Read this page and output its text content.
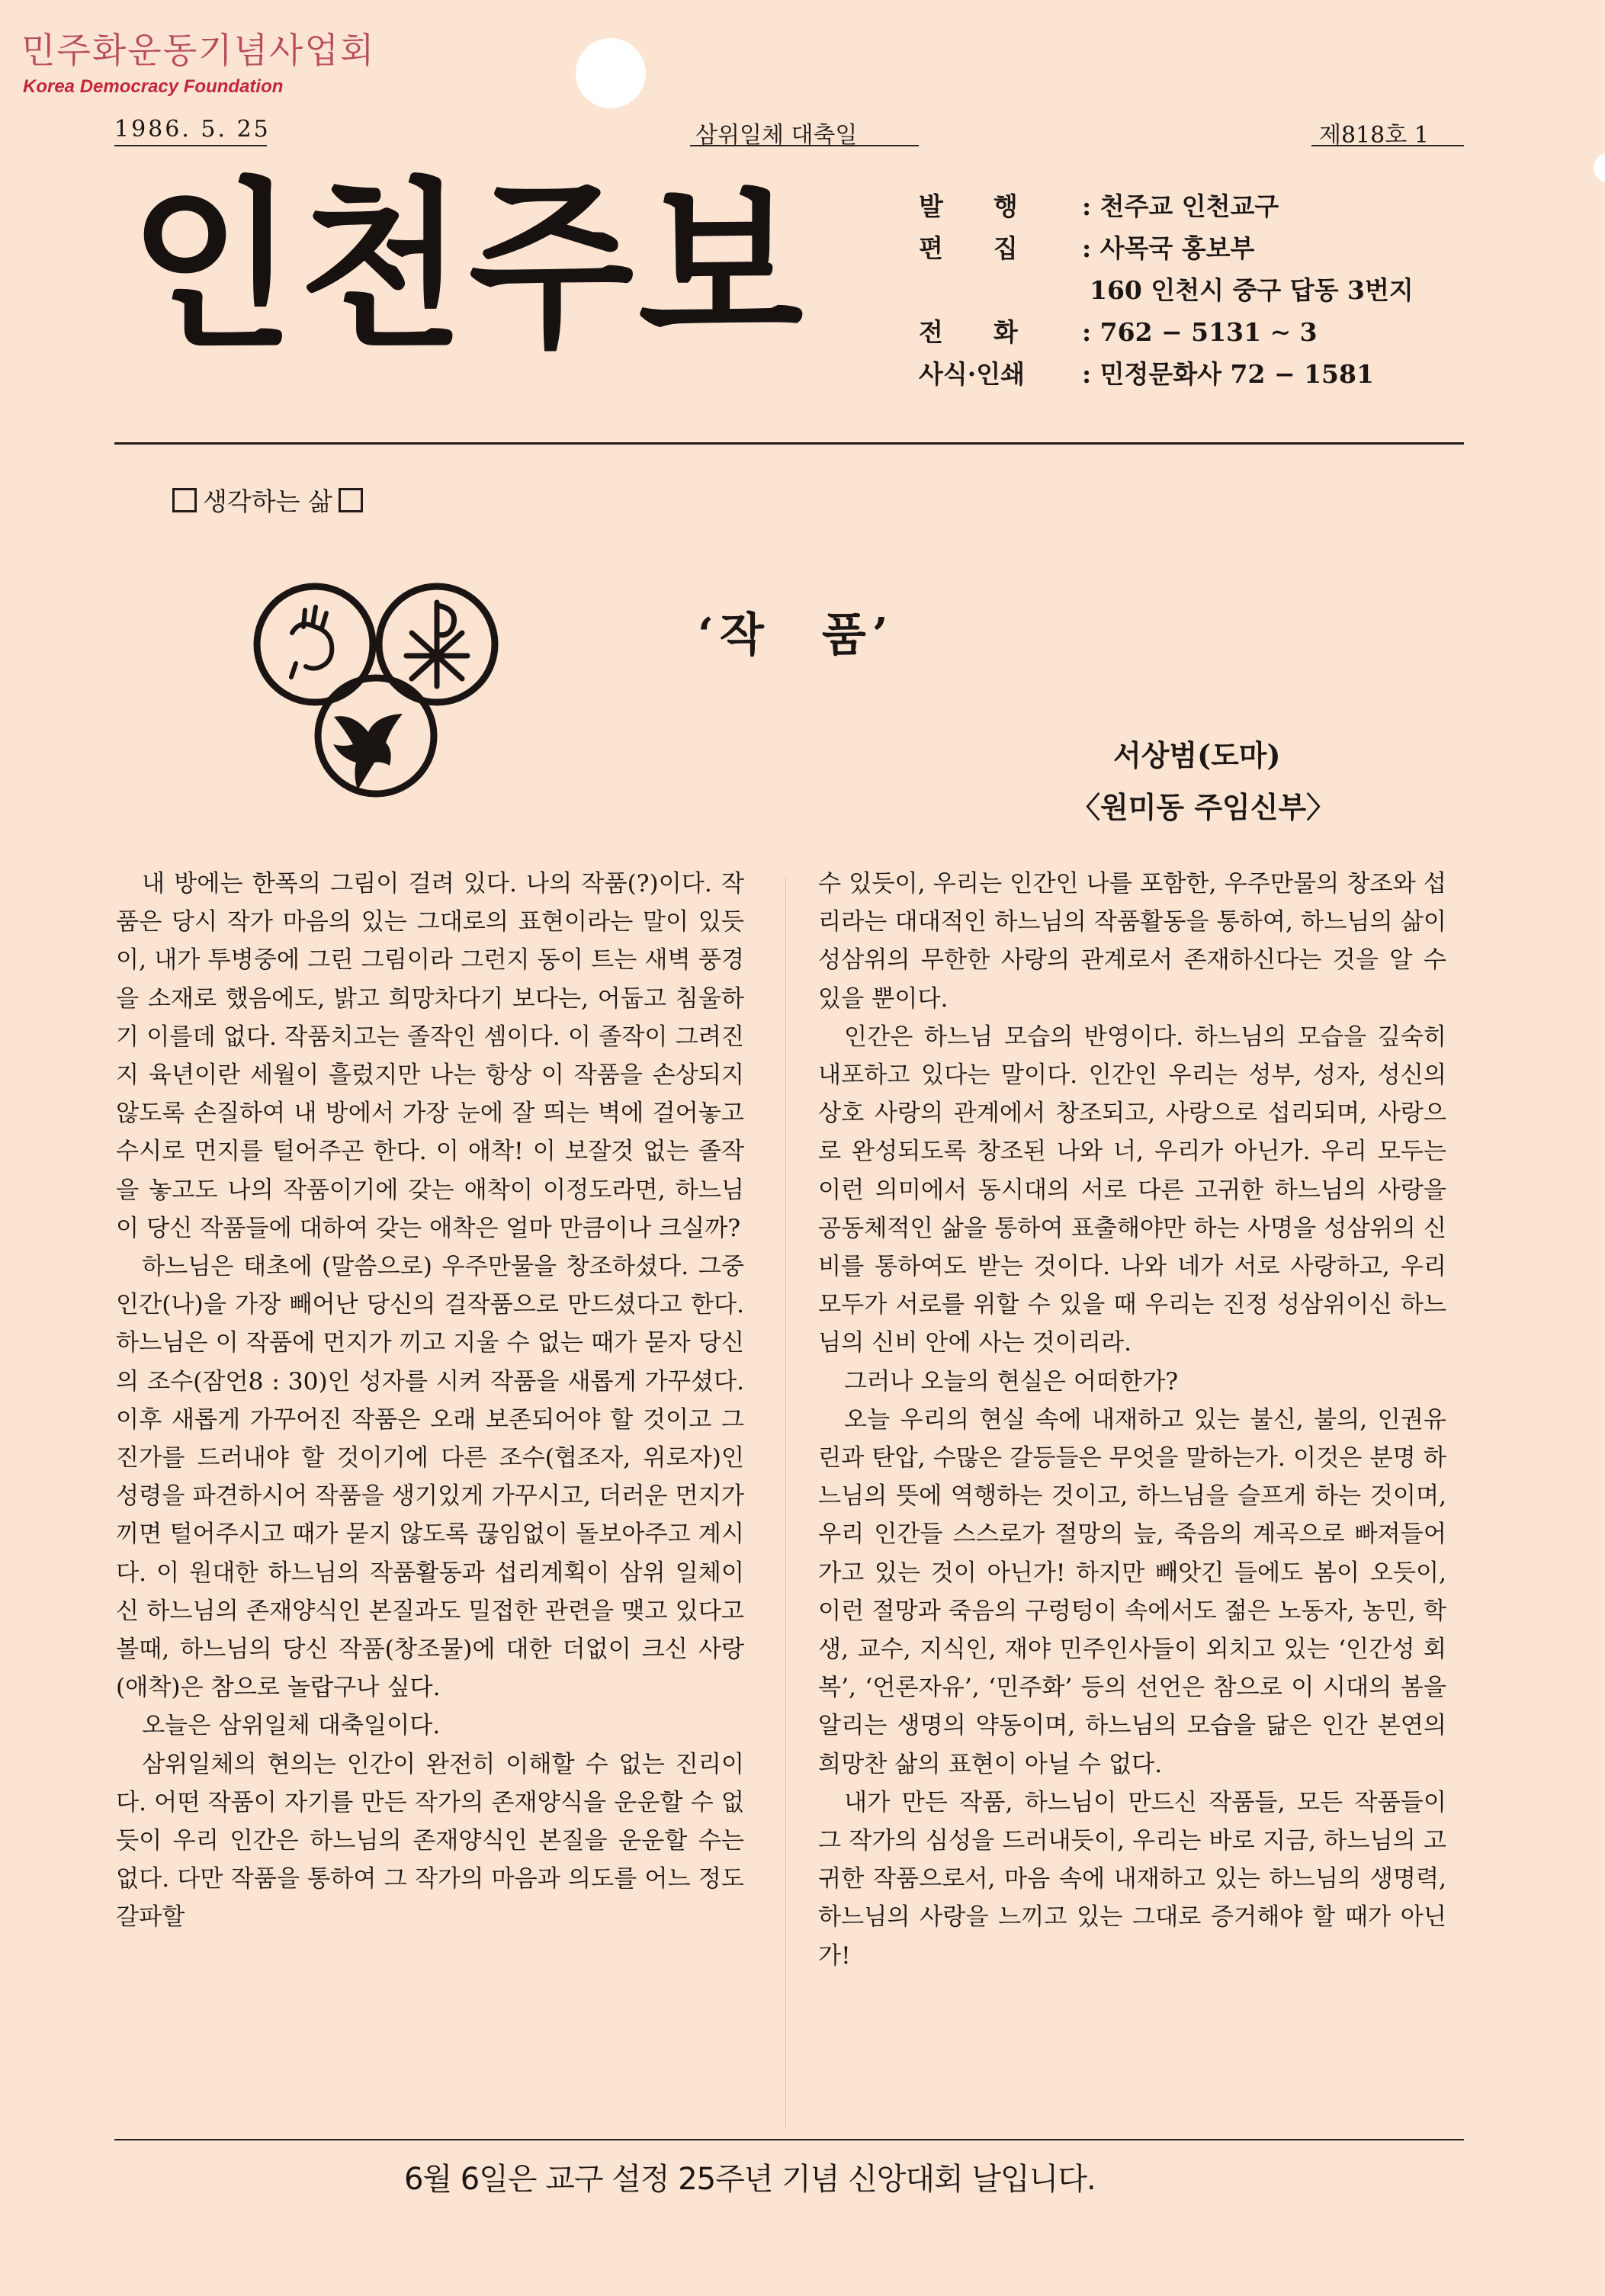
민주화운동기념사업회
Korea Democracy Foundation
1986. 5. 25	삼위일체 대축일	제818호 1
인천주보	발　　행	: 천주교 인천교구
편　　집	: 사목국 홍보부
160 인천시 중구 답동 3번지
전　　화	: 762 − 5131 ∼ 3
사식·인쇄	: 민정문화사 72 − 1581
생각하는 삶
‘작　품’
서상범(도마)
〈원미동 주임신부〉

내 방에는 한폭의 그림이 걸려 있다. 나의 작품(?)이다. 작품은 당시 작가 마음의 있는 그대로의 표현이라는 말이 있듯이, 내가 투병중에 그린 그림이라 그런지 동이 트는 새벽 풍경을 소재로 했음에도, 밝고 희망차다기 보다는, 어둡고 침울하기 이를데 없다. 작품치고는 졸작인 셈이다. 이 졸작이 그려진지 육년이란 세월이 흘렀지만 나는 항상 이 작품을 손상되지 않도록 손질하여 내 방에서 가장 눈에 잘 띄는 벽에 걸어놓고 수시로 먼지를 털어주곤 한다. 이 애착! 이 보잘것 없는 졸작을 놓고도 나의 작품이기에 갖는 애착이 이정도라면, 하느님이 당신 작품들에 대하여 갖는 애착은 얼마 만큼이나 크실까?

하느님은 태초에 (말씀으로) 우주만물을 창조하셨다. 그중 인간(나)을 가장 빼어난 당신의 걸작품으로 만드셨다고 한다. 하느님은 이 작품에 먼지가 끼고 지울 수 없는 때가 묻자 당신의 조수(잠언8 : 30)인 성자를 시켜 작품을 새롭게 가꾸셨다. 이후 새롭게 가꾸어진 작품은 오래 보존되어야 할 것이고 그 진가를 드러내야 할 것이기에 다른 조수(협조자, 위로자)인 성령을 파견하시어 작품을 생기있게 가꾸시고, 더러운 먼지가 끼면 털어주시고 때가 묻지 않도록 끊임없이 돌보아주고 계시다. 이 원대한 하느님의 작품활동과 섭리계획이 삼위 일체이신 하느님의 존재양식인 본질과도 밀접한 관련을 맺고 있다고 볼때, 하느님의 당신 작품(창조물)에 대한 더없이 크신 사랑(애착)은 참으로 놀랍구나 싶다.

오늘은 삼위일체 대축일이다.

삼위일체의 현의는 인간이 완전히 이해할 수 없는 진리이다. 어떤 작품이 자기를 만든 작가의 존재양식을 운운할 수 없듯이 우리 인간은 하느님의 존재양식인 본질을 운운할 수는 없다. 다만 작품을 통하여 그 작가의 마음과 의도를 어느 정도 갈파할

수 있듯이, 우리는 인간인 나를 포함한, 우주만물의 창조와 섭리라는 대대적인 하느님의 작품활동을 통하여, 하느님의 삶이 성삼위의 무한한 사랑의 관계로서 존재하신다는 것을 알 수 있을 뿐이다.

인간은 하느님 모습의 반영이다. 하느님의 모습을 깊숙히 내포하고 있다는 말이다. 인간인 우리는 성부, 성자, 성신의 상호 사랑의 관계에서 창조되고, 사랑으로 섭리되며, 사랑으로 완성되도록 창조된 나와 너, 우리가 아닌가. 우리 모두는 이런 의미에서 동시대의 서로 다른 고귀한 하느님의 사랑을 공동체적인 삶을 통하여 표출해야만 하는 사명을 성삼위의 신비를 통하여도 받는 것이다. 나와 네가 서로 사랑하고, 우리 모두가 서로를 위할 수 있을 때 우리는 진정 성삼위이신 하느님의 신비 안에 사는 것이리라.

그러나 오늘의 현실은 어떠한가?

오늘 우리의 현실 속에 내재하고 있는 불신, 불의, 인권유린과 탄압, 수많은 갈등들은 무엇을 말하는가. 이것은 분명 하느님의 뜻에 역행하는 것이고, 하느님을 슬프게 하는 것이며, 우리 인간들 스스로가 절망의 늪, 죽음의 계곡으로 빠져들어가고 있는 것이 아닌가! 하지만 빼앗긴 들에도 봄이 오듯이, 이런 절망과 죽음의 구렁텅이 속에서도 젊은 노동자, 농민, 학생, 교수, 지식인, 재야 민주인사들이 외치고 있는 ‘인간성 회복’, ‘언론자유’, ‘민주화’ 등의 선언은 참으로 이 시대의 봄을 알리는 생명의 약동이며, 하느님의 모습을 닮은 인간 본연의 희망찬 삶의 표현이 아닐 수 없다.

내가 만든 작품, 하느님이 만드신 작품들, 모든 작품들이 그 작가의 심성을 드러내듯이, 우리는 바로 지금, 하느님의 고귀한 작품으로서, 마음 속에 내재하고 있는 하느님의 생명력, 하느님의 사랑을 느끼고 있는 그대로 증거해야 할 때가 아닌가!

6월 6일은 교구 설정 25주년 기념 신앙대회 날입니다.
